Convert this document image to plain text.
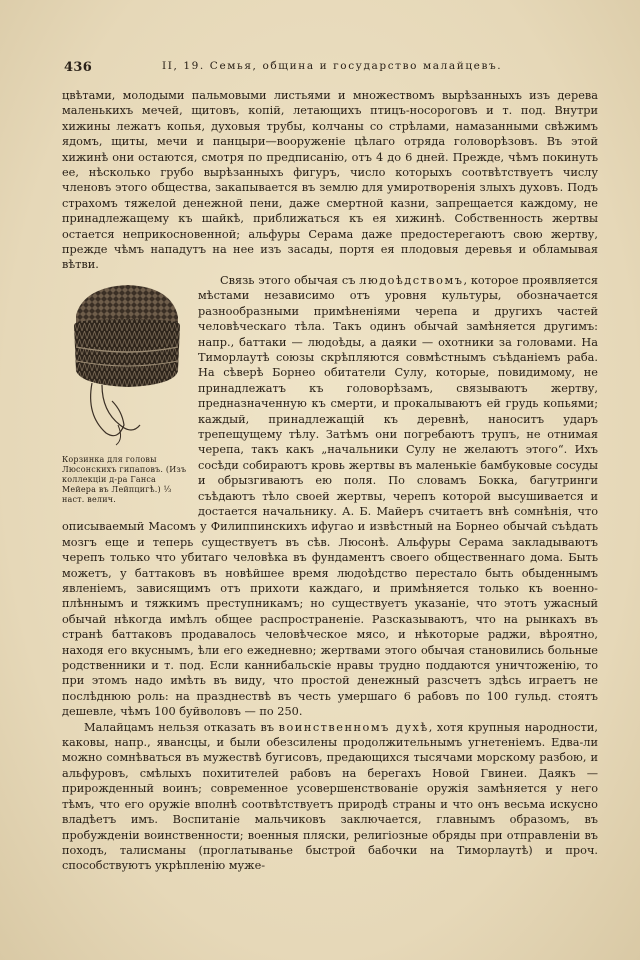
436	II, 19. Семья, община и государство малайцевъ.

цвѣтами, молодыми пальмовыми листьями и множествомъ вырѣзанныхъ изъ дерева маленькихъ мечей, щитовъ, копій, летающихъ птицъ-носороговъ и т. под. Внутри хижины лежатъ копья, духовыя трубы, колчаны со стрѣлами, намазанными свѣжимъ ядомъ, щиты, мечи и панцыри—вооруженіе цѣлаго отряда головорѣзовъ. Въ этой хижинѣ они остаются, смотря по предписанію, отъ 4 до 6 дней. Прежде, чѣмъ покинуть ее, нѣсколько грубо вырѣзанныхъ фигуръ, число которыхъ соотвѣтствуетъ числу членовъ этого общества, закапывается въ землю для умиротворенія злыхъ духовъ. Подъ страхомъ тяжелой денежной пени, даже смертной казни, запрещается каждому, не принадлежащему къ шайкѣ, приближаться къ ея хижинѣ. Собственность жертвы остается неприкосновенной; альфуры Серама даже предостерегаютъ свою жертву, прежде чѣмъ нападутъ на нее изъ засады, портя ея плодовыя деревья и обламывая вѣтви.

Корзинка для головы Люсонскихъ гипаповъ. (Изъ коллекціи д-ра Ганса Мейера въ Лейпцигѣ.) ⅓ наст. велич.

Связь этого обычая съ людоѣдствомъ, которое проявляется мѣстами независимо отъ уровня культуры, обозначается разнообразными примѣненіями черепа и другихъ частей человѣческаго тѣла. Такъ одинъ обычай замѣняется другимъ: напр., баттаки — людоѣды, а даяки — охотники за головами. На Тиморлаутѣ союзы скрѣпляются совмѣстнымъ съѣданіемъ раба. На сѣверѣ Борнео обитатели Сулу, которые, повидимому, не принадлежатъ къ головорѣзамъ, связываютъ жертву, предназначенную къ смерти, и прокалываютъ ей грудь копьями; каждый, принадлежащій къ деревнѣ, наноситъ ударъ трепещущему тѣлу. Затѣмъ они погребаютъ трупъ, не отнимая черепа, такъ какъ „начальники Сулу не желаютъ этого“. Ихъ сосѣди собираютъ кровь жертвы въ маленькіе бамбуковые сосуды и обрызгиваютъ ею поля. По словамъ Бокка, багутринги съѣдаютъ тѣло своей жертвы, черепъ которой высушивается и достается начальнику. А. Б. Майеръ считаетъ внѣ сомнѣнія, что описываемый Масомъ у Филиппинскихъ ифугао и извѣстный на Борнео обычай съѣдать мозгъ еще и теперь существуетъ въ сѣв. Люсонѣ. Альфуры Серама закладываютъ черепъ только что убитаго человѣка въ фундаментъ своего общественнаго дома. Быть можетъ, у баттаковъ въ новѣйшее время людоѣдство перестало быть обыденнымъ явленіемъ, зависящимъ отъ прихоти каждаго, и примѣняется только къ военно-плѣннымъ и тяжкимъ преступникамъ; но существуетъ указаніе, что этотъ ужасный обычай нѣкогда имѣлъ общее распространеніе. Разсказываютъ, что на рынкахъ въ странѣ баттаковъ продавалось человѣческое мясо, и нѣкоторые раджи, вѣроятно, находя его вкуснымъ, ѣли его ежедневно; жертвами этого обычая становились больные родственники и т. под. Если каннибальскіе нравы трудно поддаются уничтоженію, то при этомъ надо имѣть въ виду, что простой денежный разсчетъ здѣсь играетъ не послѣднюю роль: на празднествѣ въ честь умершаго 6 рабовъ по 100 гульд. стоятъ дешевле, чѣмъ 100 буйволовъ — по 250.

Малайцамъ нельзя отказать въ воинственномъ духѣ, хотя крупныя народности, каковы, напр., явансцы, и были обезсилены продолжительнымъ угнетеніемъ. Едва-ли можно сомнѣваться въ мужествѣ бугисовъ, предающихся тысячами морскому разбою, и альфуровъ, смѣлыхъ похитителей рабовъ на берегахъ Новой Гвинеи. Даякъ — прирожденный воинъ; современное усовершенствованіе оружія замѣняется у него тѣмъ, что его оружіе вполнѣ соотвѣтствуетъ природѣ страны и что онъ весьма искусно владѣетъ имъ. Воспитаніе мальчиковъ заключается, главнымъ образомъ, въ пробужденіи воинственности; военныя пляски, религіозные обряды при отправленіи въ походъ, талисманы (проглатыванье быстрой бабочки на Тиморлаутѣ) и проч. способствуютъ укрѣпленію муже-
